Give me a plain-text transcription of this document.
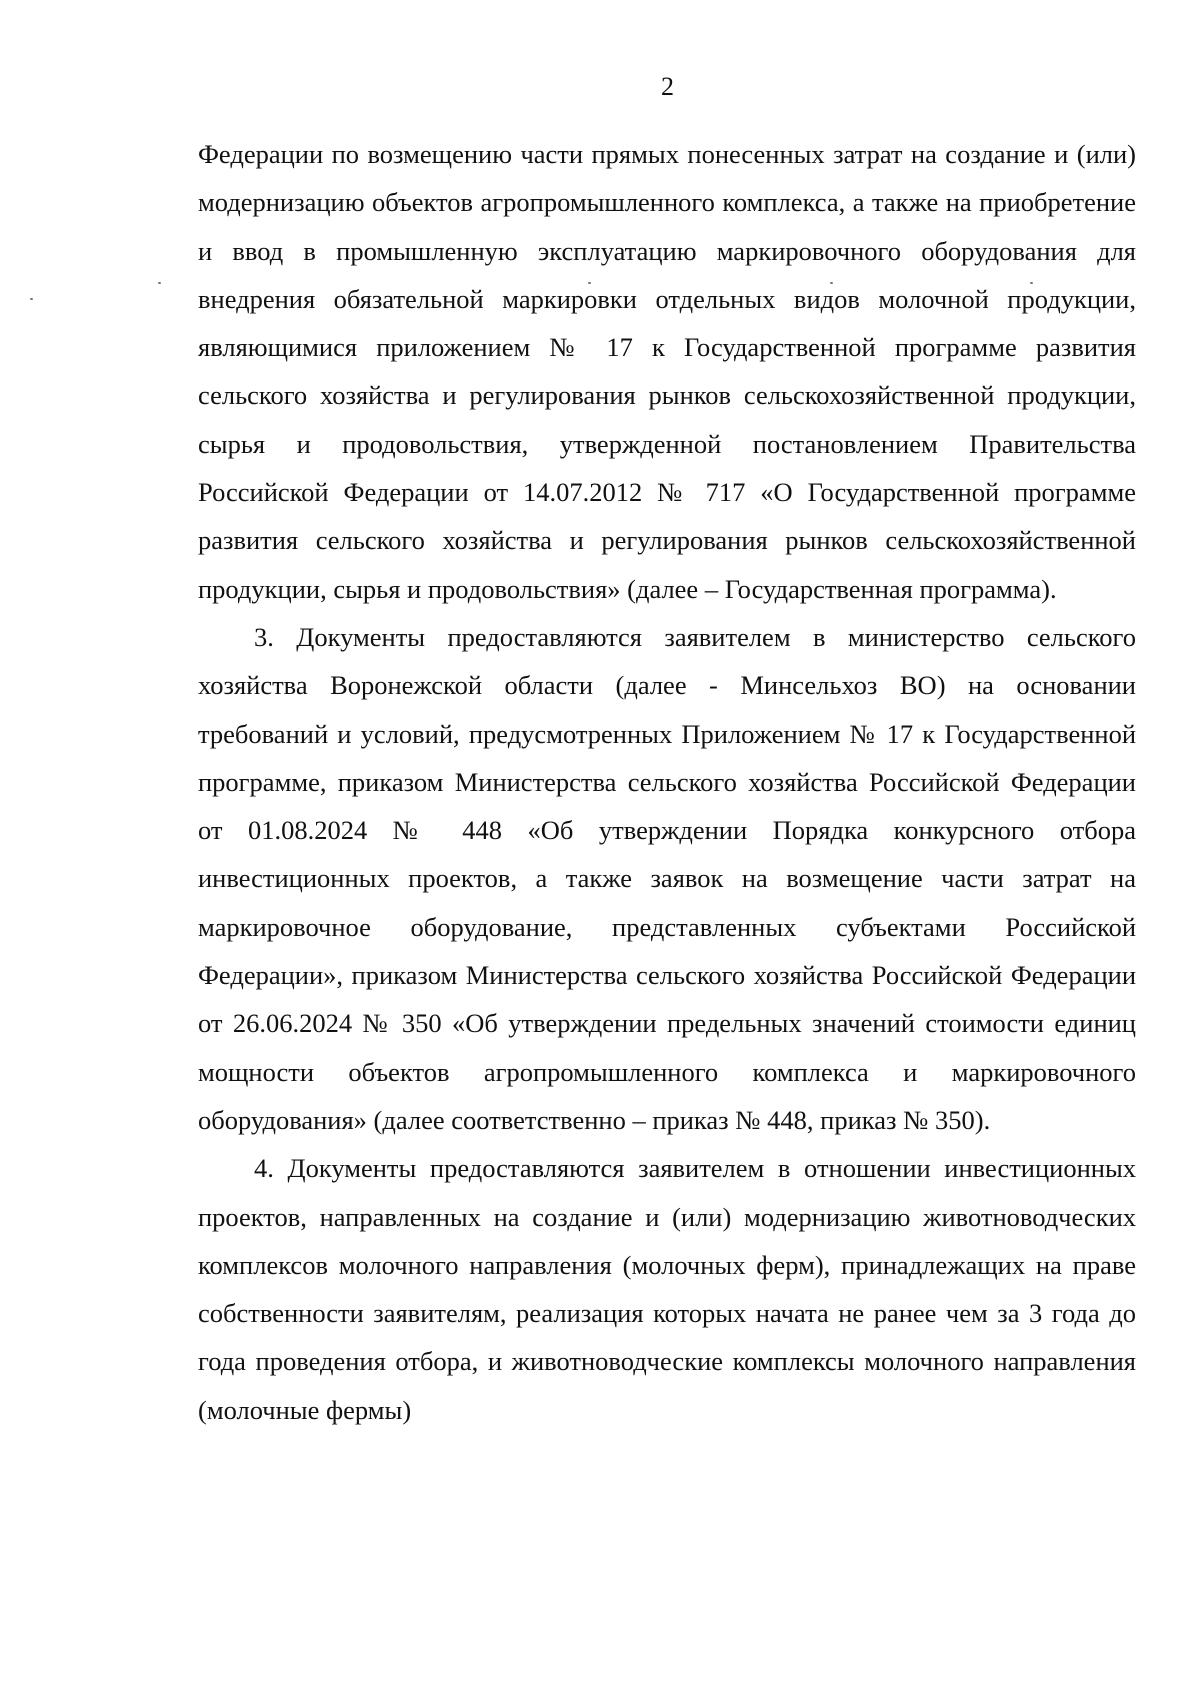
2

Федерации по возмещению части прямых понесенных затрат на создание и (или) модернизацию объектов агропромышленного комплекса, а также на приобретение и ввод в промышленную эксплуатацию маркировочного оборудования для внедрения обязательной маркировки отдельных видов молочной продукции, являющимися приложением № 17 к Государственной программе развития сельского хозяйства и регулирования рынков сельскохозяйственной продукции, сырья и продовольствия, утвержденной постановлением Правительства Российской Федерации от 14.07.2012 № 717 «О Государственной программе развития сельского хозяйства и регулирования рынков сельскохозяйственной продукции, сырья и продовольствия» (далее – Государственная программа).

3. Документы предоставляются заявителем в министерство сельского хозяйства Воронежской области (далее - Минсельхоз ВО) на основании требований и условий, предусмотренных Приложением № 17 к Государственной программе, приказом Министерства сельского хозяйства Российской Федерации от 01.08.2024 № 448 «Об утверждении Порядка конкурсного отбора инвестиционных проектов, а также заявок на возмещение части затрат на маркировочное оборудование, представленных субъектами Российской Федерации», приказом Министерства сельского хозяйства Российской Федерации от 26.06.2024 № 350 «Об утверждении предельных значений стоимости единиц мощности объектов агропромышленного комплекса и маркировочного оборудования» (далее соответственно – приказ № 448, приказ № 350).

4. Документы предоставляются заявителем в отношении инвестиционных проектов, направленных на создание и (или) модернизацию животноводческих комплексов молочного направления (молочных ферм), принадлежащих на праве собственности заявителям, реализация которых начата не ранее чем за 3 года до года проведения отбора, и животноводческие комплексы молочного направления (молочные фермы)
